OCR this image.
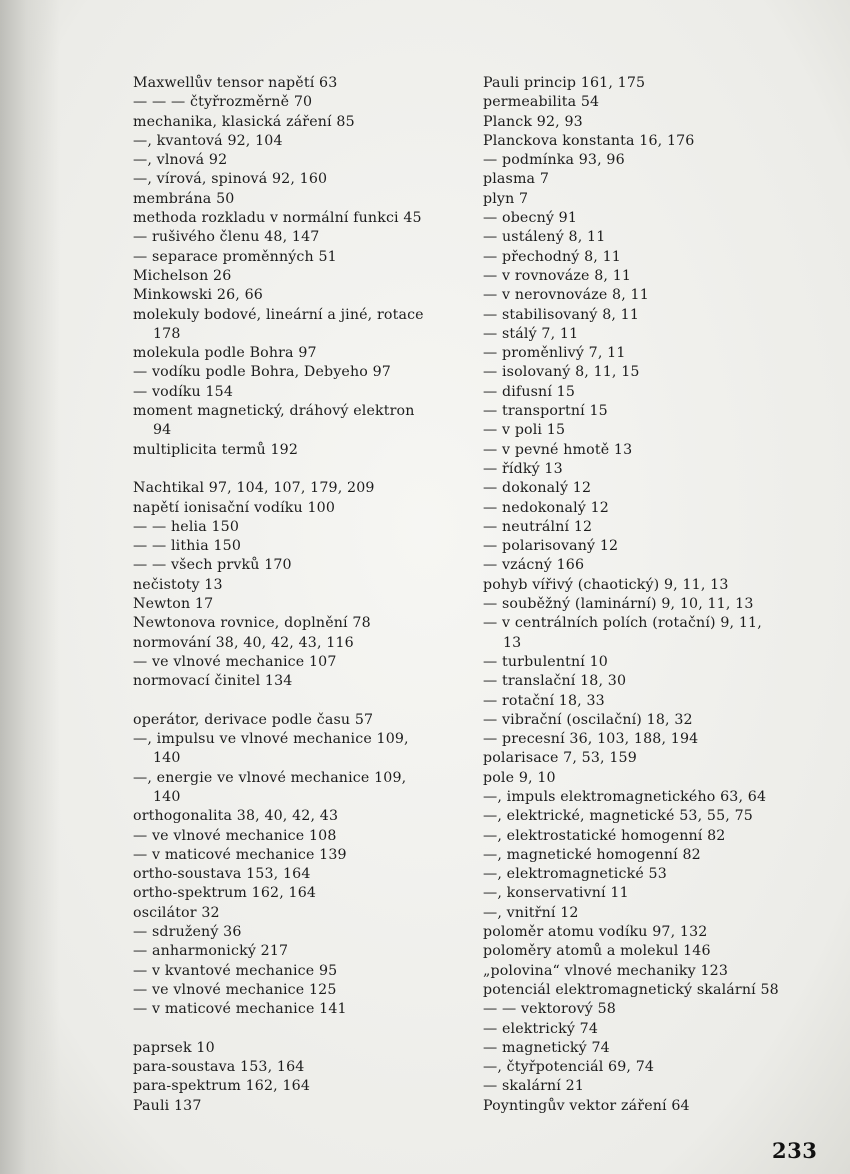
Maxwellův tensor napětí 63
— — — čtyřrozměrně 70
mechanika, klasická záření 85
—, kvantová 92, 104
—, vlnová 92
—, vírová, spinová 92, 160
membrána 50
methoda rozkladu v normální funkci 45
— rušivého členu 48, 147
— separace proměnných 51
Michelson 26
Minkowski 26, 66
molekuly bodové, lineární a jiné, rotace
178
molekula podle Bohra 97
— vodíku podle Bohra, Debyeho 97
— vodíku 154
moment magnetický, dráhový elektron
94
multiplicita termů 192
Nachtikal 97, 104, 107, 179, 209
napětí ionisační vodíku 100
— — helia 150
— — lithia 150
— — všech prvků 170
nečistoty 13
Newton 17
Newtonova rovnice, doplnění 78
normování 38, 40, 42, 43, 116
— ve vlnové mechanice 107
normovací činitel 134
operátor, derivace podle času 57
—, impulsu ve vlnové mechanice 109,
140
—, energie ve vlnové mechanice 109,
140
orthogonalita 38, 40, 42, 43
— ve vlnové mechanice 108
— v maticové mechanice 139
ortho-soustava 153, 164
ortho-spektrum 162, 164
oscilátor 32
— sdružený 36
— anharmonický 217
— v kvantové mechanice 95
— ve vlnové mechanice 125
— v maticové mechanice 141
paprsek 10
para-soustava 153, 164
para-spektrum 162, 164
Pauli 137
Pauli princip 161, 175
permeabilita 54
Planck 92, 93
Planckova konstanta 16, 176
— podmínka 93, 96
plasma 7
plyn 7
— obecný 91
— ustálený 8, 11
— přechodný 8, 11
— v rovnováze 8, 11
— v nerovnováze 8, 11
— stabilisovaný 8, 11
— stálý 7, 11
— proměnlivý 7, 11
— isolovaný 8, 11, 15
— difusní 15
— transportní 15
— v poli 15
— v pevné hmotě 13
— řídký 13
— dokonalý 12
— nedokonalý 12
— neutrální 12
— polarisovaný 12
— vzácný 166
pohyb vířivý (chaotický) 9, 11, 13
— souběžný (laminární) 9, 10, 11, 13
— v centrálních polích (rotační) 9, 11,
13
— turbulentní 10
— translační 18, 30
— rotační 18, 33
— vibrační (oscilační) 18, 32
— precesní 36, 103, 188, 194
polarisace 7, 53, 159
pole 9, 10
—, impuls elektromagnetického 63, 64
—, elektrické, magnetické 53, 55, 75
—, elektrostatické homogenní 82
—, magnetické homogenní 82
—, elektromagnetické 53
—, konservativní 11
—, vnitřní 12
poloměr atomu vodíku 97, 132
poloměry atomů a molekul 146
„polovina“ vlnové mechaniky 123
potenciál elektromagnetický skalární 58
— — vektorový 58
— elektrický 74
— magnetický 74
—, čtyřpotenciál 69, 74
— skalární 21
Poyntingův vektor záření 64
233
